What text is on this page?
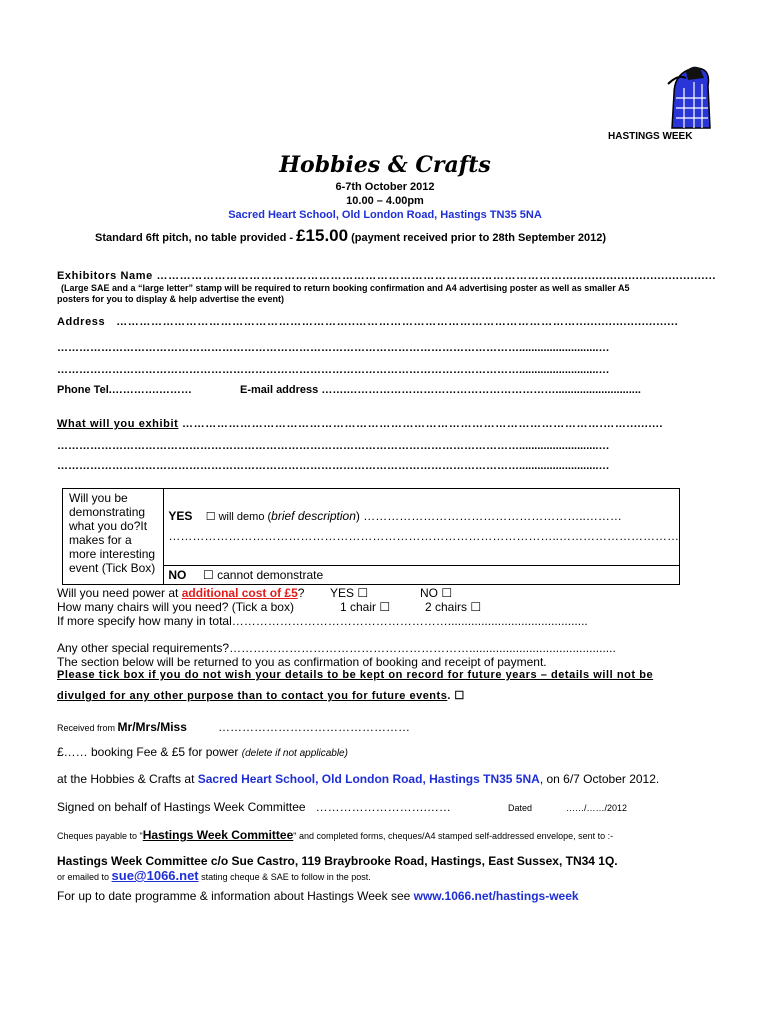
HASTINGS WEEK
Hobbies & Crafts
6-7th October 2012
10.00 – 4.00pm
Sacred Heart School, Old London Road, Hastings TN35 5NA
Standard 6ft pitch, no table provided - £15.00 (payment received prior to 28th September 2012)
Exhibitors Name ……………………………………………………………………………………………..........................................
(Large SAE and a “large letter” stamp will be required to return booking confirmation and A4 advertising poster as well as smaller A5
posters for you to display & help advertise the event)
Address ……………………………………………………..…………………………………………………............................
………………………………………………………………………………………………………………..........................…
………………………………………………………………………………………………………………..........................…
Phone Tel.………….………	E-mail address …….…………………………………………………............................
What will you exhibit ……………………………………………………………………………………………….……..........
………………………………………………………………………………………………………………..........................…
………………………………………………………………………………………………………………..........................…
Will you be demonstrating what you do?It makes for a more interesting event (Tick Box)	YES ☐ will demo (brief description) ………………………………………………..………
……………………………………………………………………………………..…………………………

NO ☐ cannot demonstrate
Will you need power at additional cost of £5? YES ☐	NO ☐
How many chairs will you need? (Tick a box)	1 chair ☐	2 chairs ☐
If more specify how many in total………………………………………………..........................................
Any other special requirements?……………………………………………………............................................
The section below will be returned to you as confirmation of booking and receipt of payment.
Please tick box if you do not wish your details to be kept on record for future years – details will not be
divulged for any other purpose than to contact you for future events. ☐
Received from Mr/Mrs/Miss	…………………………………………
£…… booking Fee & £5 for power (delete if not applicable)
at the Hobbies & Crafts at Sacred Heart School, Old London Road, Hastings TN35 5NA, on 6/7 October 2012.
Signed on behalf of Hastings Week Committee ……………………….……	Dated	……/……/2012
Cheques payable to "Hastings Week Committee" and completed forms, cheques/A4 stamped self-addressed envelope, sent to :-
Hastings Week Committee c/o Sue Castro, 119 Braybrooke Road, Hastings, East Sussex, TN34 1Q.
or emailed to sue@1066.net stating cheque & SAE to follow in the post.
For up to date programme & information about Hastings Week see www.1066.net/hastings-week
